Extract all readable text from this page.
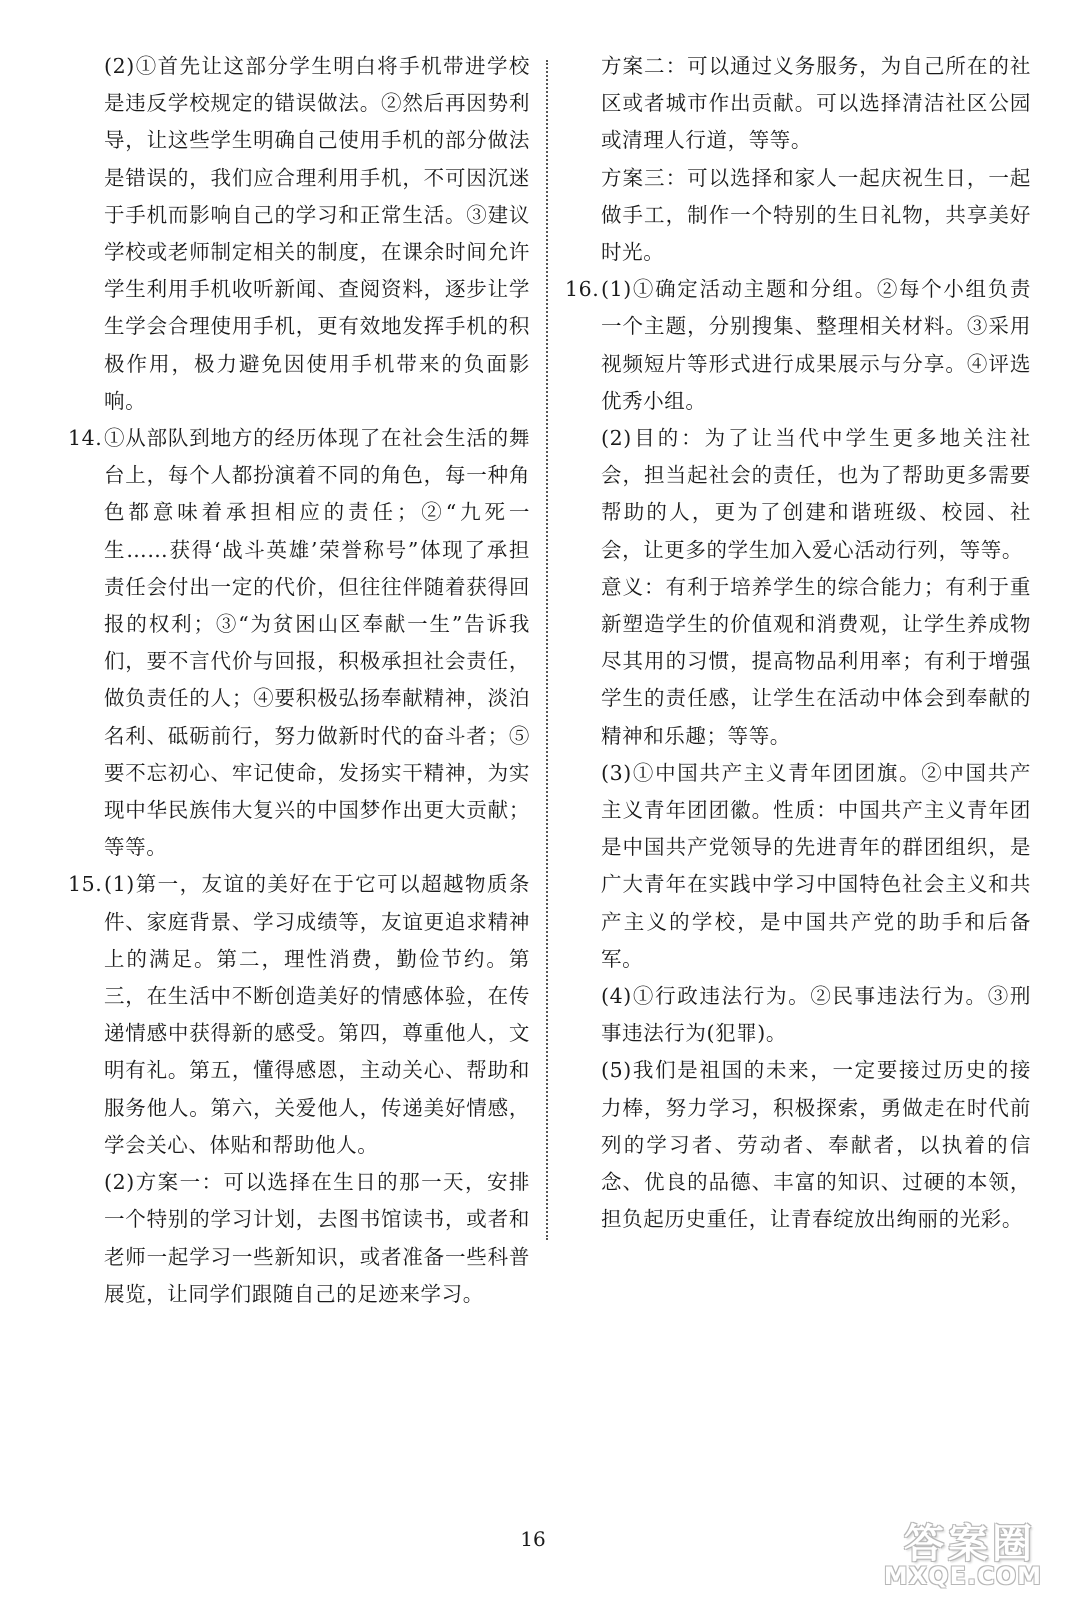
(2)①首先让这部分学生明白将手机带进学校是违反学校规定的错误做法。②然后再因势利导，让这些学生明确自己使用手机的部分做法是错误的，我们应合理利用手机，不可因沉迷于手机而影响自己的学习和正常生活。③建议学校或老师制定相关的制度，在课余时间允许学生利用手机收听新闻、查阅资料，逐步让学生学会合理使用手机，更有效地发挥手机的积极作用，极力避免因使用手机带来的负面影响。

14. ①从部队到地方的经历体现了在社会生活的舞台上，每个人都扮演着不同的角色，每一种角色都意味着承担相应的责任；②“九死一生……获得‘战斗英雄’荣誉称号”体现了承担责任会付出一定的代价，但往往伴随着获得回报的权利；③“为贫困山区奉献一生”告诉我们，要不言代价与回报，积极承担社会责任，做负责任的人；④要积极弘扬奉献精神，淡泊名利、砥砺前行，努力做新时代的奋斗者；⑤要不忘初心、牢记使命，发扬实干精神，为实现中华民族伟大复兴的中国梦作出更大贡献；等等。
15. (1)第一，友谊的美好在于它可以超越物质条件、家庭背景、学习成绩等，友谊更追求精神上的满足。第二，理性消费，勤俭节约。第三，在生活中不断创造美好的情感体验，在传递情感中获得新的感受。第四，尊重他人，文明有礼。第五，懂得感恩，主动关心、帮助和服务他人。第六，关爱他人，传递美好情感，学会关心、体贴和帮助他人。

(2)方案一：可以选择在生日的那一天，安排一个特别的学习计划，去图书馆读书，或者和老师一起学习一些新知识，或者准备一些科普展览，让同学们跟随自己的足迹来学习。

方案二：可以通过义务服务，为自己所在的社区或者城市作出贡献。可以选择清洁社区公园或清理人行道，等等。

方案三：可以选择和家人一起庆祝生日，一起做手工，制作一个特别的生日礼物，共享美好时光。

16. (1)①确定活动主题和分组。②每个小组负责一个主题，分别搜集、整理相关材料。③采用视频短片等形式进行成果展示与分享。④评选优秀小组。

(2)目的：为了让当代中学生更多地关注社会，担当起社会的责任，也为了帮助更多需要帮助的人，更为了创建和谐班级、校园、社会，让更多的学生加入爱心活动行列，等等。

意义：有利于培养学生的综合能力；有利于重新塑造学生的价值观和消费观，让学生养成物尽其用的习惯，提高物品利用率；有利于增强学生的责任感，让学生在活动中体会到奉献的精神和乐趣；等等。

(3)①中国共产主义青年团团旗。②中国共产主义青年团团徽。性质：中国共产主义青年团是中国共产党领导的先进青年的群团组织，是广大青年在实践中学习中国特色社会主义和共产主义的学校，是中国共产党的助手和后备军。

(4)①行政违法行为。②民事违法行为。③刑事违法行为(犯罪)。

(5)我们是祖国的未来，一定要接过历史的接力棒，努力学习，积极探索，勇做走在时代前列的学习者、劳动者、奉献者，以执着的信念、优良的品德、丰富的知识、过硬的本领，担负起历史重任，让青春绽放出绚丽的光彩。

16	答案圈
MXQE.COM
